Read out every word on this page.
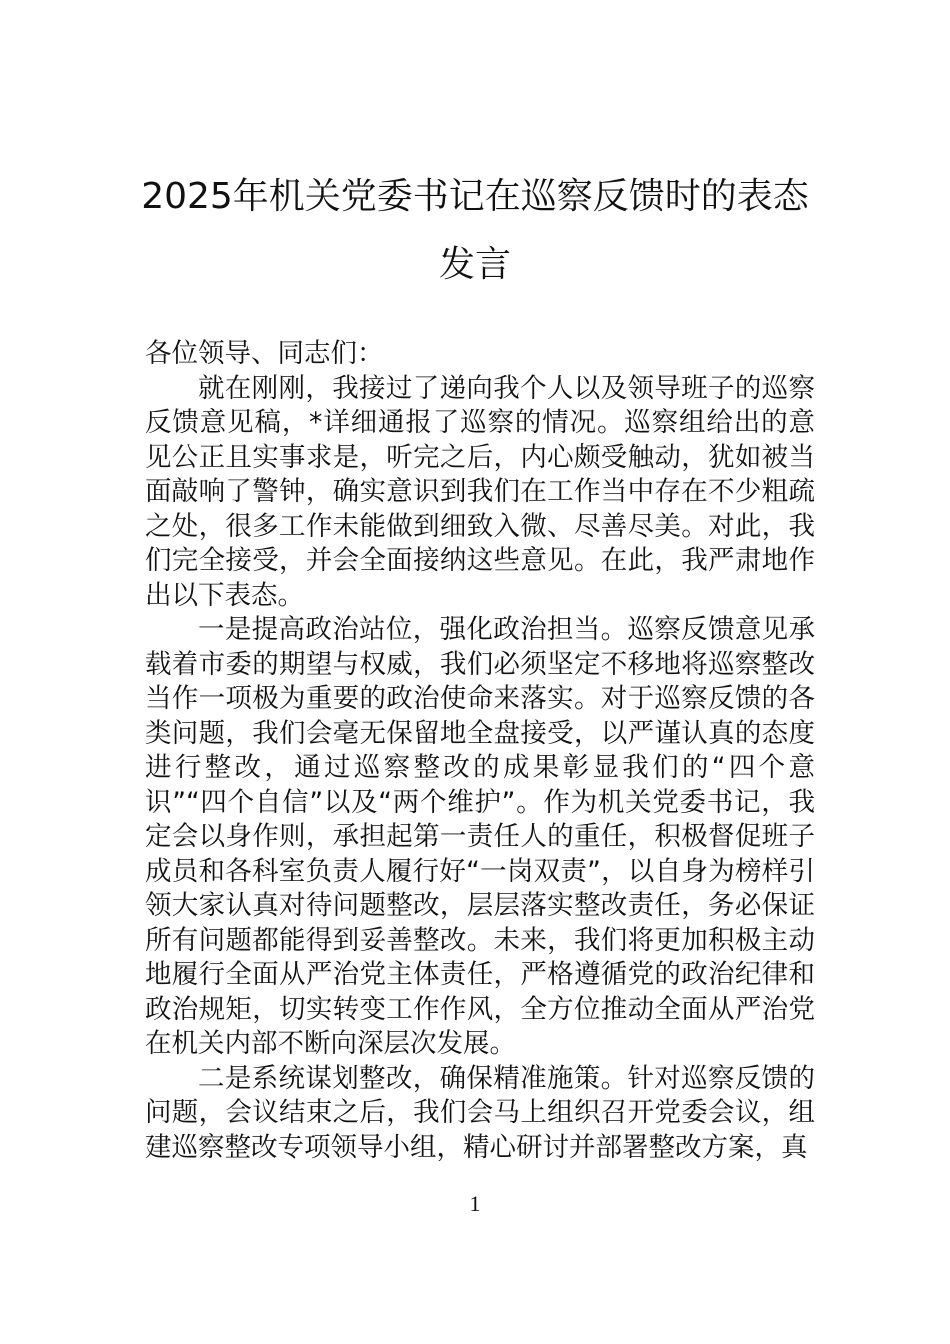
2025年机关党委书记在巡察反馈时的表态
发言

各位领导、同志们：

就在刚刚，我接过了递向我个人以及领导班子的巡察反馈意见稿，*详细通报了巡察的情况。巡察组给出的意见公正且实事求是，听完之后，内心颇受触动，犹如被当面敲响了警钟，确实意识到我们在工作当中存在不少粗疏之处，很多工作未能做到细致入微、尽善尽美。对此，我们完全接受，并会全面接纳这些意见。在此，我严肃地作出以下表态。

一是提高政治站位，强化政治担当。巡察反馈意见承载着市委的期望与权威，我们必须坚定不移地将巡察整改当作一项极为重要的政治使命来落实。对于巡察反馈的各类问题，我们会毫无保留地全盘接受，以严谨认真的态度进行整改，通过巡察整改的成果彰显我们的“四个意识”“四个自信”以及“两个维护”。作为机关党委书记，我定会以身作则，承担起第一责任人的重任，积极督促班子成员和各科室负责人履行好“一岗双责”，以自身为榜样引领大家认真对待问题整改，层层落实整改责任，务必保证所有问题都能得到妥善整改。未来，我们将更加积极主动地履行全面从严治党主体责任，严格遵循党的政治纪律和政治规矩，切实转变工作作风，全方位推动全面从严治党在机关内部不断向深层次发展。

二是系统谋划整改，确保精准施策。针对巡察反馈的问题，会议结束之后，我们会马上组织召开党委会议，组建巡察整改专项领导小组，精心研讨并部署整改方案，真

1
